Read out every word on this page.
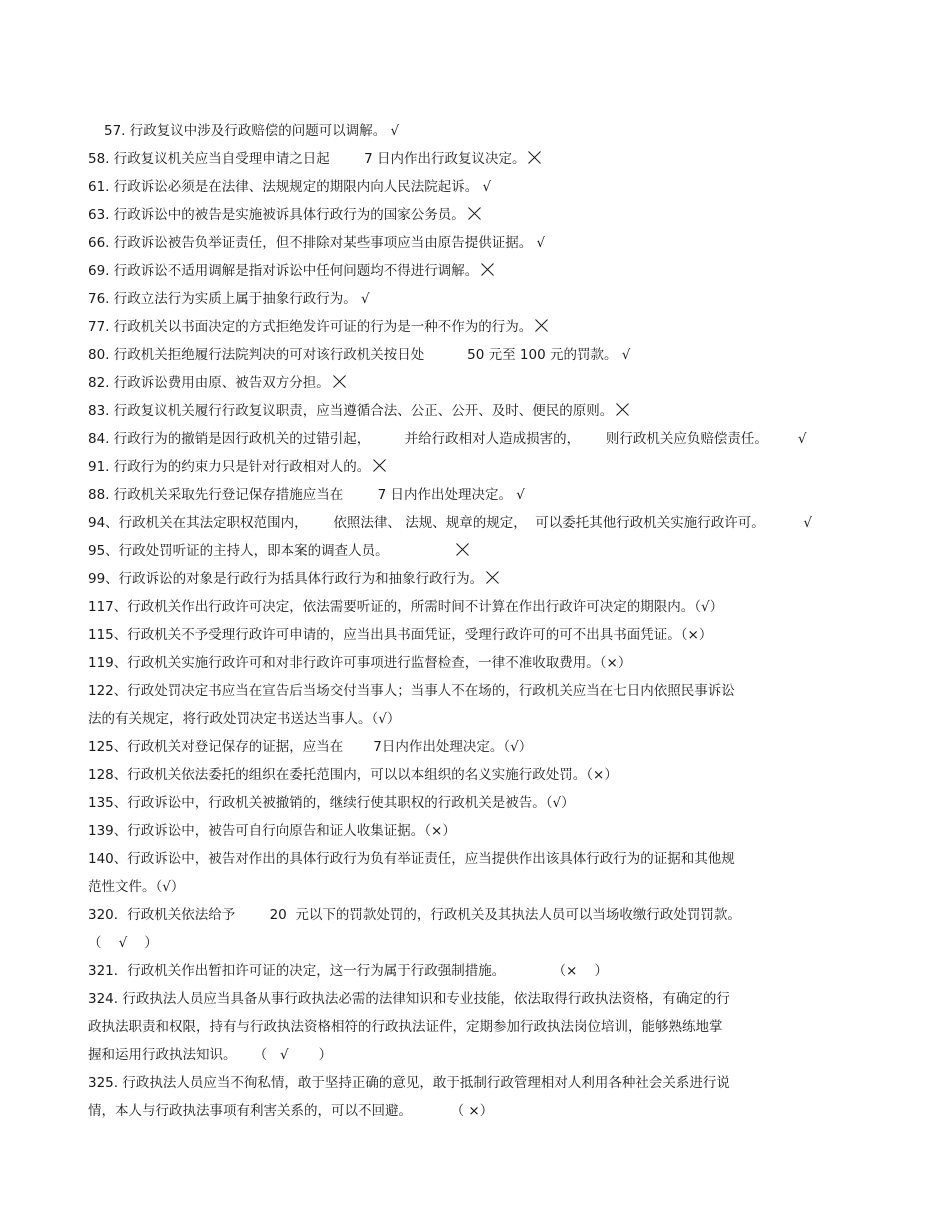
57. 行政复议中涉及行政赔偿的问题可以调解。 √
58. 行政复议机关应当自受理申请之日起        7 日内作出行政复议决定。
61. 行政诉讼必须是在法律、法规规定的期限内向人民法院起诉。 √
63. 行政诉讼中的被告是实施被诉具体行政行为的国家公务员。
66. 行政诉讼被告负举证责任，但不排除对某些事项应当由原告提供证据。 √
69. 行政诉讼不适用调解是指对诉讼中任何问题均不得进行调解。
76. 行政立法行为实质上属于抽象行政行为。 √
77. 行政机关以书面决定的方式拒绝发许可证的行为是一种不作为的行为。
80. 行政机关拒绝履行法院判决的可对该行政机关按日处          50 元至 100 元的罚款。 √
82. 行政诉讼费用由原、被告双方分担。
83. 行政复议机关履行行政复议职责，应当遵循合法、公正、公开、及时、便民的原则。
84. 行政行为的撤销是因行政机关的过错引起，        并给行政相对人造成损害的，      则行政机关应负赔偿责任。       √
91. 行政行为的约束力只是针对行政相对人的。
88. 行政机关采取先行登记保存措施应当在        7 日内作出处理决定。 √
94、行政机关在其法定职权范围内，      依照法律、 法规、规章的规定，  可以委托其他行政机关实施行政许可。         √
95、行政处罚听证的主持人，即本案的调查人员。
99、行政诉讼的对象是行政行为括具体行政行为和抽象行政行为。
117、行政机关作出行政许可决定，依法需要听证的，所需时间不计算在作出行政许可决定的期限内。（√）
115、行政机关不予受理行政许可申请的，应当出具书面凭证，受理行政许可的可不出具书面凭证。（×）
119、行政机关实施行政许可和对非行政许可事项进行监督检查，一律不准收取费用。（×）
122、行政处罚决定书应当在宣告后当场交付当事人；当事人不在场的，行政机关应当在七日内依照民事诉讼
法的有关规定，将行政处罚决定书送达当事人。（√）
125、行政机关对登记保存的证据，应当在       7日内作出处理决定。（√）
128、行政机关依法委托的组织在委托范围内，可以以本组织的名义实施行政处罚。（×）
135、行政诉讼中，行政机关被撤销的，继续行使其职权的行政机关是被告。（√）
139、行政诉讼中，被告可自行向原告和证人收集证据。（×）
140、行政诉讼中，被告对作出的具体行政行为负有举证责任，应当提供作出该具体行政行为的证据和其他规
范性文件。（√）
320．行政机关依法给予        20  元以下的罚款处罚的，行政机关及其执法人员可以当场收缴行政处罚罚款。
（    √    ）
321．行政机关作出暂扣许可证的决定，这一行为属于行政强制措施。           （×    ）
324. 行政执法人员应当具备从事行政执法必需的法律知识和专业技能，依法取得行政执法资格，有确定的行
政执法职责和权限，持有与行政执法资格相符的行政执法证件，定期参加行政执法岗位培训，能够熟练地掌
握和运用行政执法知识。    （   √       ）
325. 行政执法人员应当不徇私情，敢于坚持正确的意见，敢于抵制行政管理相对人利用各种社会关系进行说
情，本人与行政执法事项有利害关系的，可以不回避。         （ ×）
